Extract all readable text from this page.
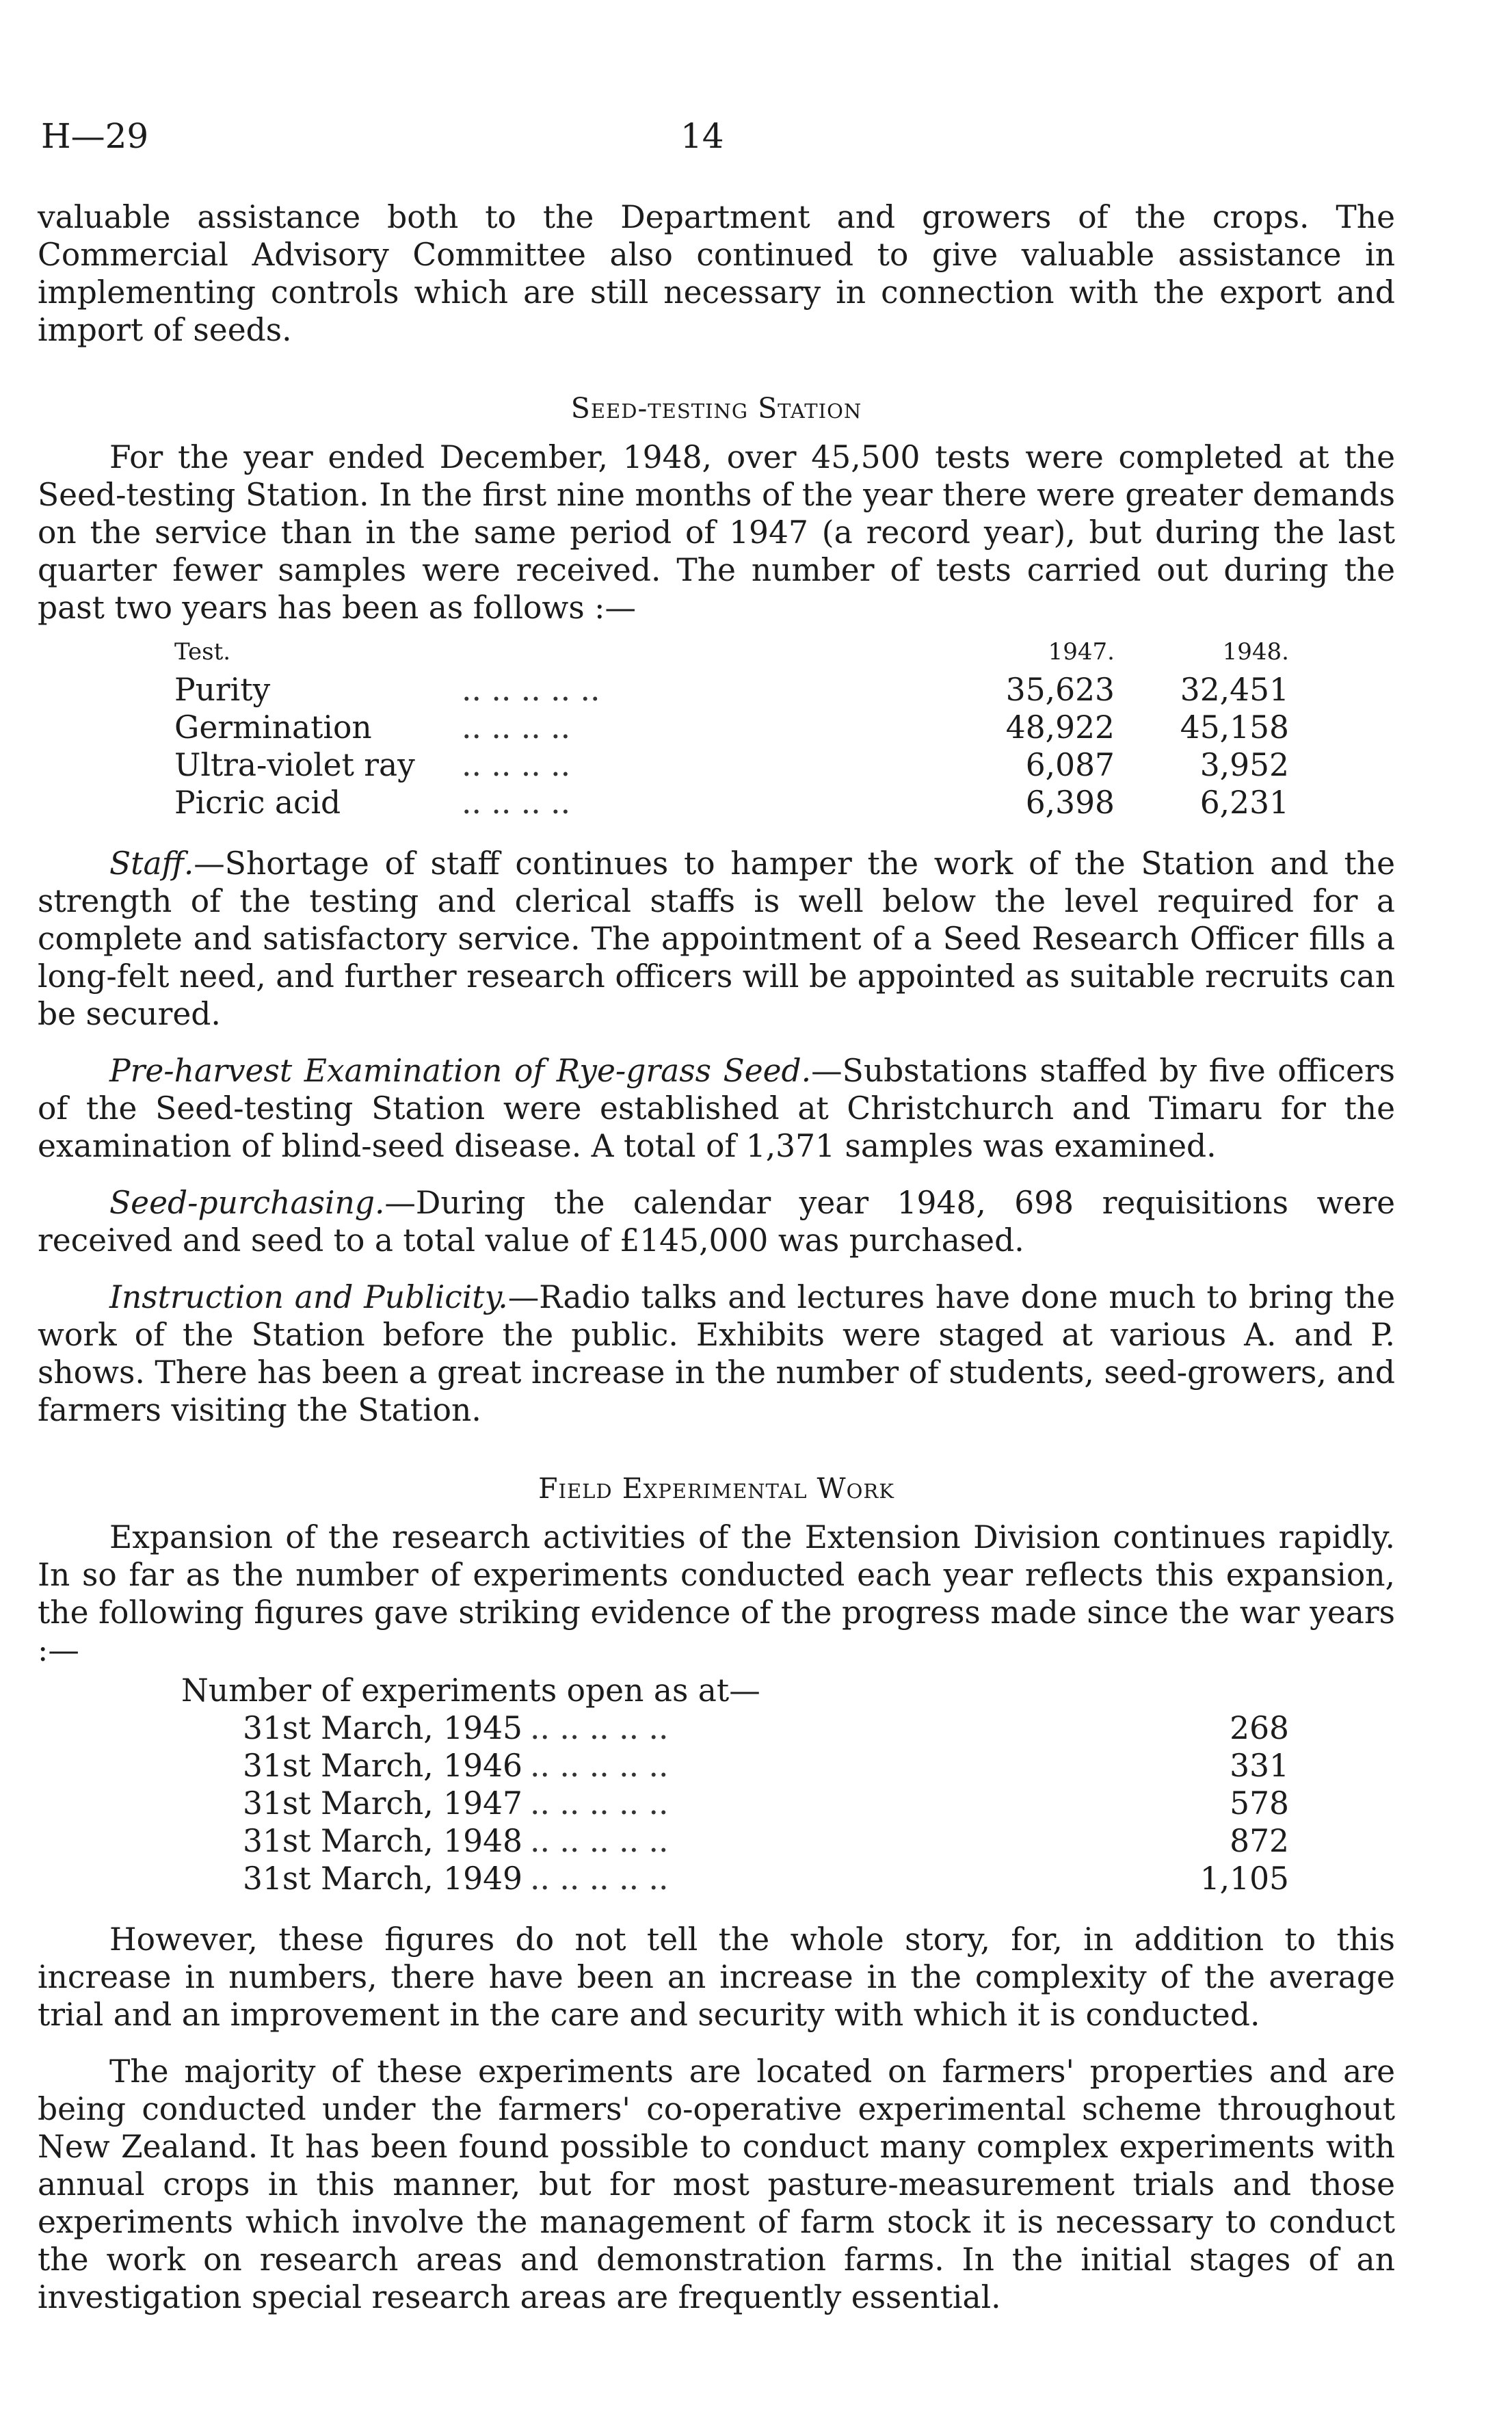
H—29	14

valuable assistance both to the Department and growers of the crops. The Commercial Advisory Committee also continued to give valuable assistance in implementing controls which are still necessary in connection with the export and import of seeds.

Seed-testing Station

For the year ended December, 1948, over 45,500 tests were completed at the Seed-testing Station. In the first nine months of the year there were greater demands on the service than in the same period of 1947 (a record year), but during the last quarter fewer samples were received. The number of tests carried out during the past two years has been as follows :—

Test.		1947.	1948.
Purity	.. .. .. .. ..	35,623	32,451
Germination	.. .. .. ..	48,922	45,158
Ultra-violet ray	.. .. .. ..	6,087	3,952
Picric acid	.. .. .. ..	6,398	6,231

Staff.—Shortage of staff continues to hamper the work of the Station and the strength of the testing and clerical staffs is well below the level required for a complete and satisfactory service. The appointment of a Seed Research Officer fills a long-felt need, and further research officers will be appointed as suitable recruits can be secured.

Pre-harvest Examination of Rye-grass Seed.—Substations staffed by five officers of the Seed-testing Station were established at Christchurch and Timaru for the examination of blind-seed disease. A total of 1,371 samples was examined.

Seed-purchasing.—During the calendar year 1948, 698 requisitions were received and seed to a total value of £145,000 was purchased.

Instruction and Publicity.—Radio talks and lectures have done much to bring the work of the Station before the public. Exhibits were staged at various A. and P. shows. There has been a great increase in the number of students, seed-growers, and farmers visiting the Station.

Field Experimental Work

Expansion of the research activities of the Extension Division continues rapidly. In so far as the number of experiments conducted each year reflects this expansion, the following figures gave striking evidence of the progress made since the war years :—

Number of experiments open as at—
31st March, 1945	.. .. .. .. ..	268
31st March, 1946	.. .. .. .. ..	331
31st March, 1947	.. .. .. .. ..	578
31st March, 1948	.. .. .. .. ..	872
31st March, 1949	.. .. .. .. ..	1,105

However, these figures do not tell the whole story, for, in addition to this increase in numbers, there have been an increase in the complexity of the average trial and an improvement in the care and security with which it is conducted.

The majority of these experiments are located on farmers' properties and are being conducted under the farmers' co-operative experimental scheme throughout New Zealand. It has been found possible to conduct many complex experiments with annual crops in this manner, but for most pasture-measurement trials and those experiments which involve the management of farm stock it is necessary to conduct the work on research areas and demonstration farms. In the initial stages of an investigation special research areas are frequently essential.
